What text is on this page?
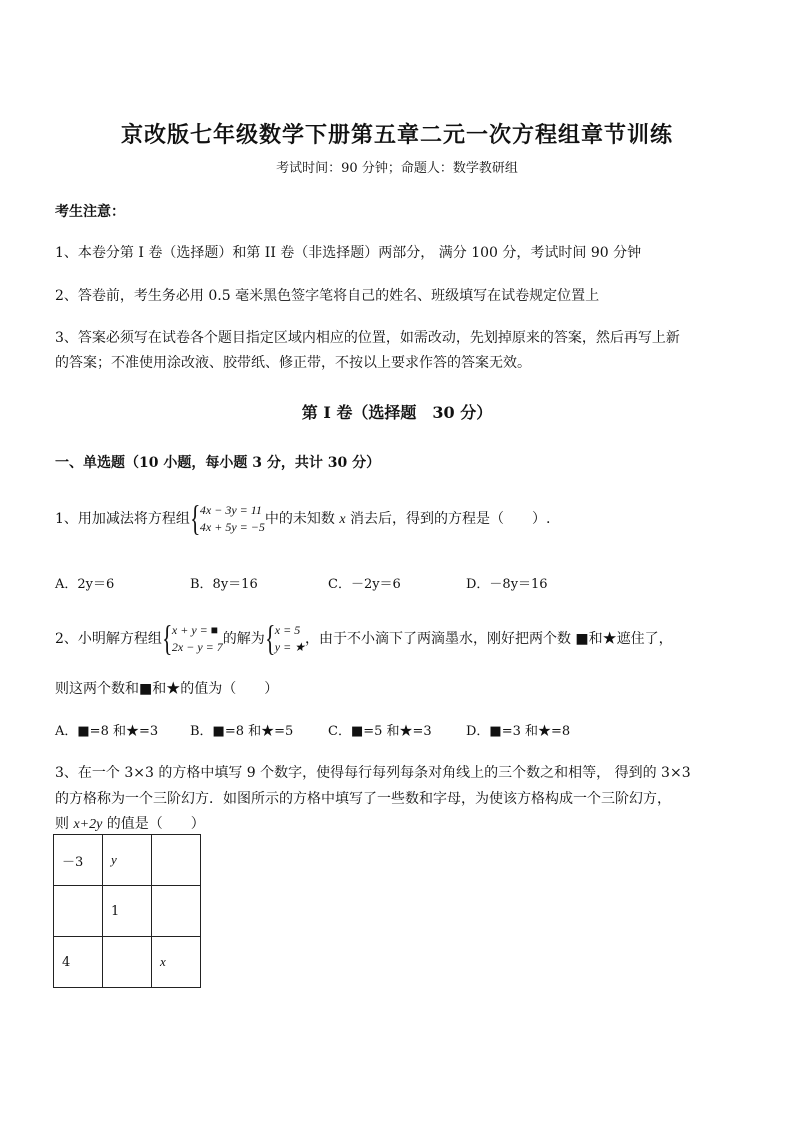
京改版七年级数学下册第五章二元一次方程组章节训练
考试时间：90 分钟；命题人：数学教研组
考生注意：
1、本卷分第 I 卷（选择题）和第 II 卷（非选择题）两部分， 满分 100 分，考试时间 90 分钟
2、答卷前，考生务必用 0.5 毫米黑色签字笔将自己的姓名、班级填写在试卷规定位置上
3、答案必须写在试卷各个题目指定区域内相应的位置，如需改动，先划掉原来的答案，然后再写上新
的答案；不准使用涂改液、胶带纸、修正带，不按以上要求作答的答案无效。
第 I 卷（选择题　30 分）
一、单选题（10 小题，每小题 3 分，共计 30 分）
1、用加减法将方程组 { 4x − 3y = 11
4x + 5y = −5 中的未知数 x 消去后，得到的方程是（　　）.
A．2y＝6	B．8y＝16	C．－2y＝6	D．－8y＝16
2、小明解方程组 { x + y = ■
2x − y = 7 的解为 { x = 5
y = ★ ，由于不小滴下了两滴墨水，刚好把两个数 ■和★遮住了，
则这两个数和■和★的值为（　　）
A．■=8 和★=3 B．■=8 和★=5	C．■=5 和★=3	D．■=3 和★=8
3、在一个 3×3 的方格中填写 9 个数字，使得每行每列每条对角线上的三个数之和相等， 得到的 3×3
的方格称为一个三阶幻方．如图所示的方格中填写了一些数和字母，为使该方格构成一个三阶幻方，
则 x+2y 的值是（　　）
－3	y	
	1	
4		x
